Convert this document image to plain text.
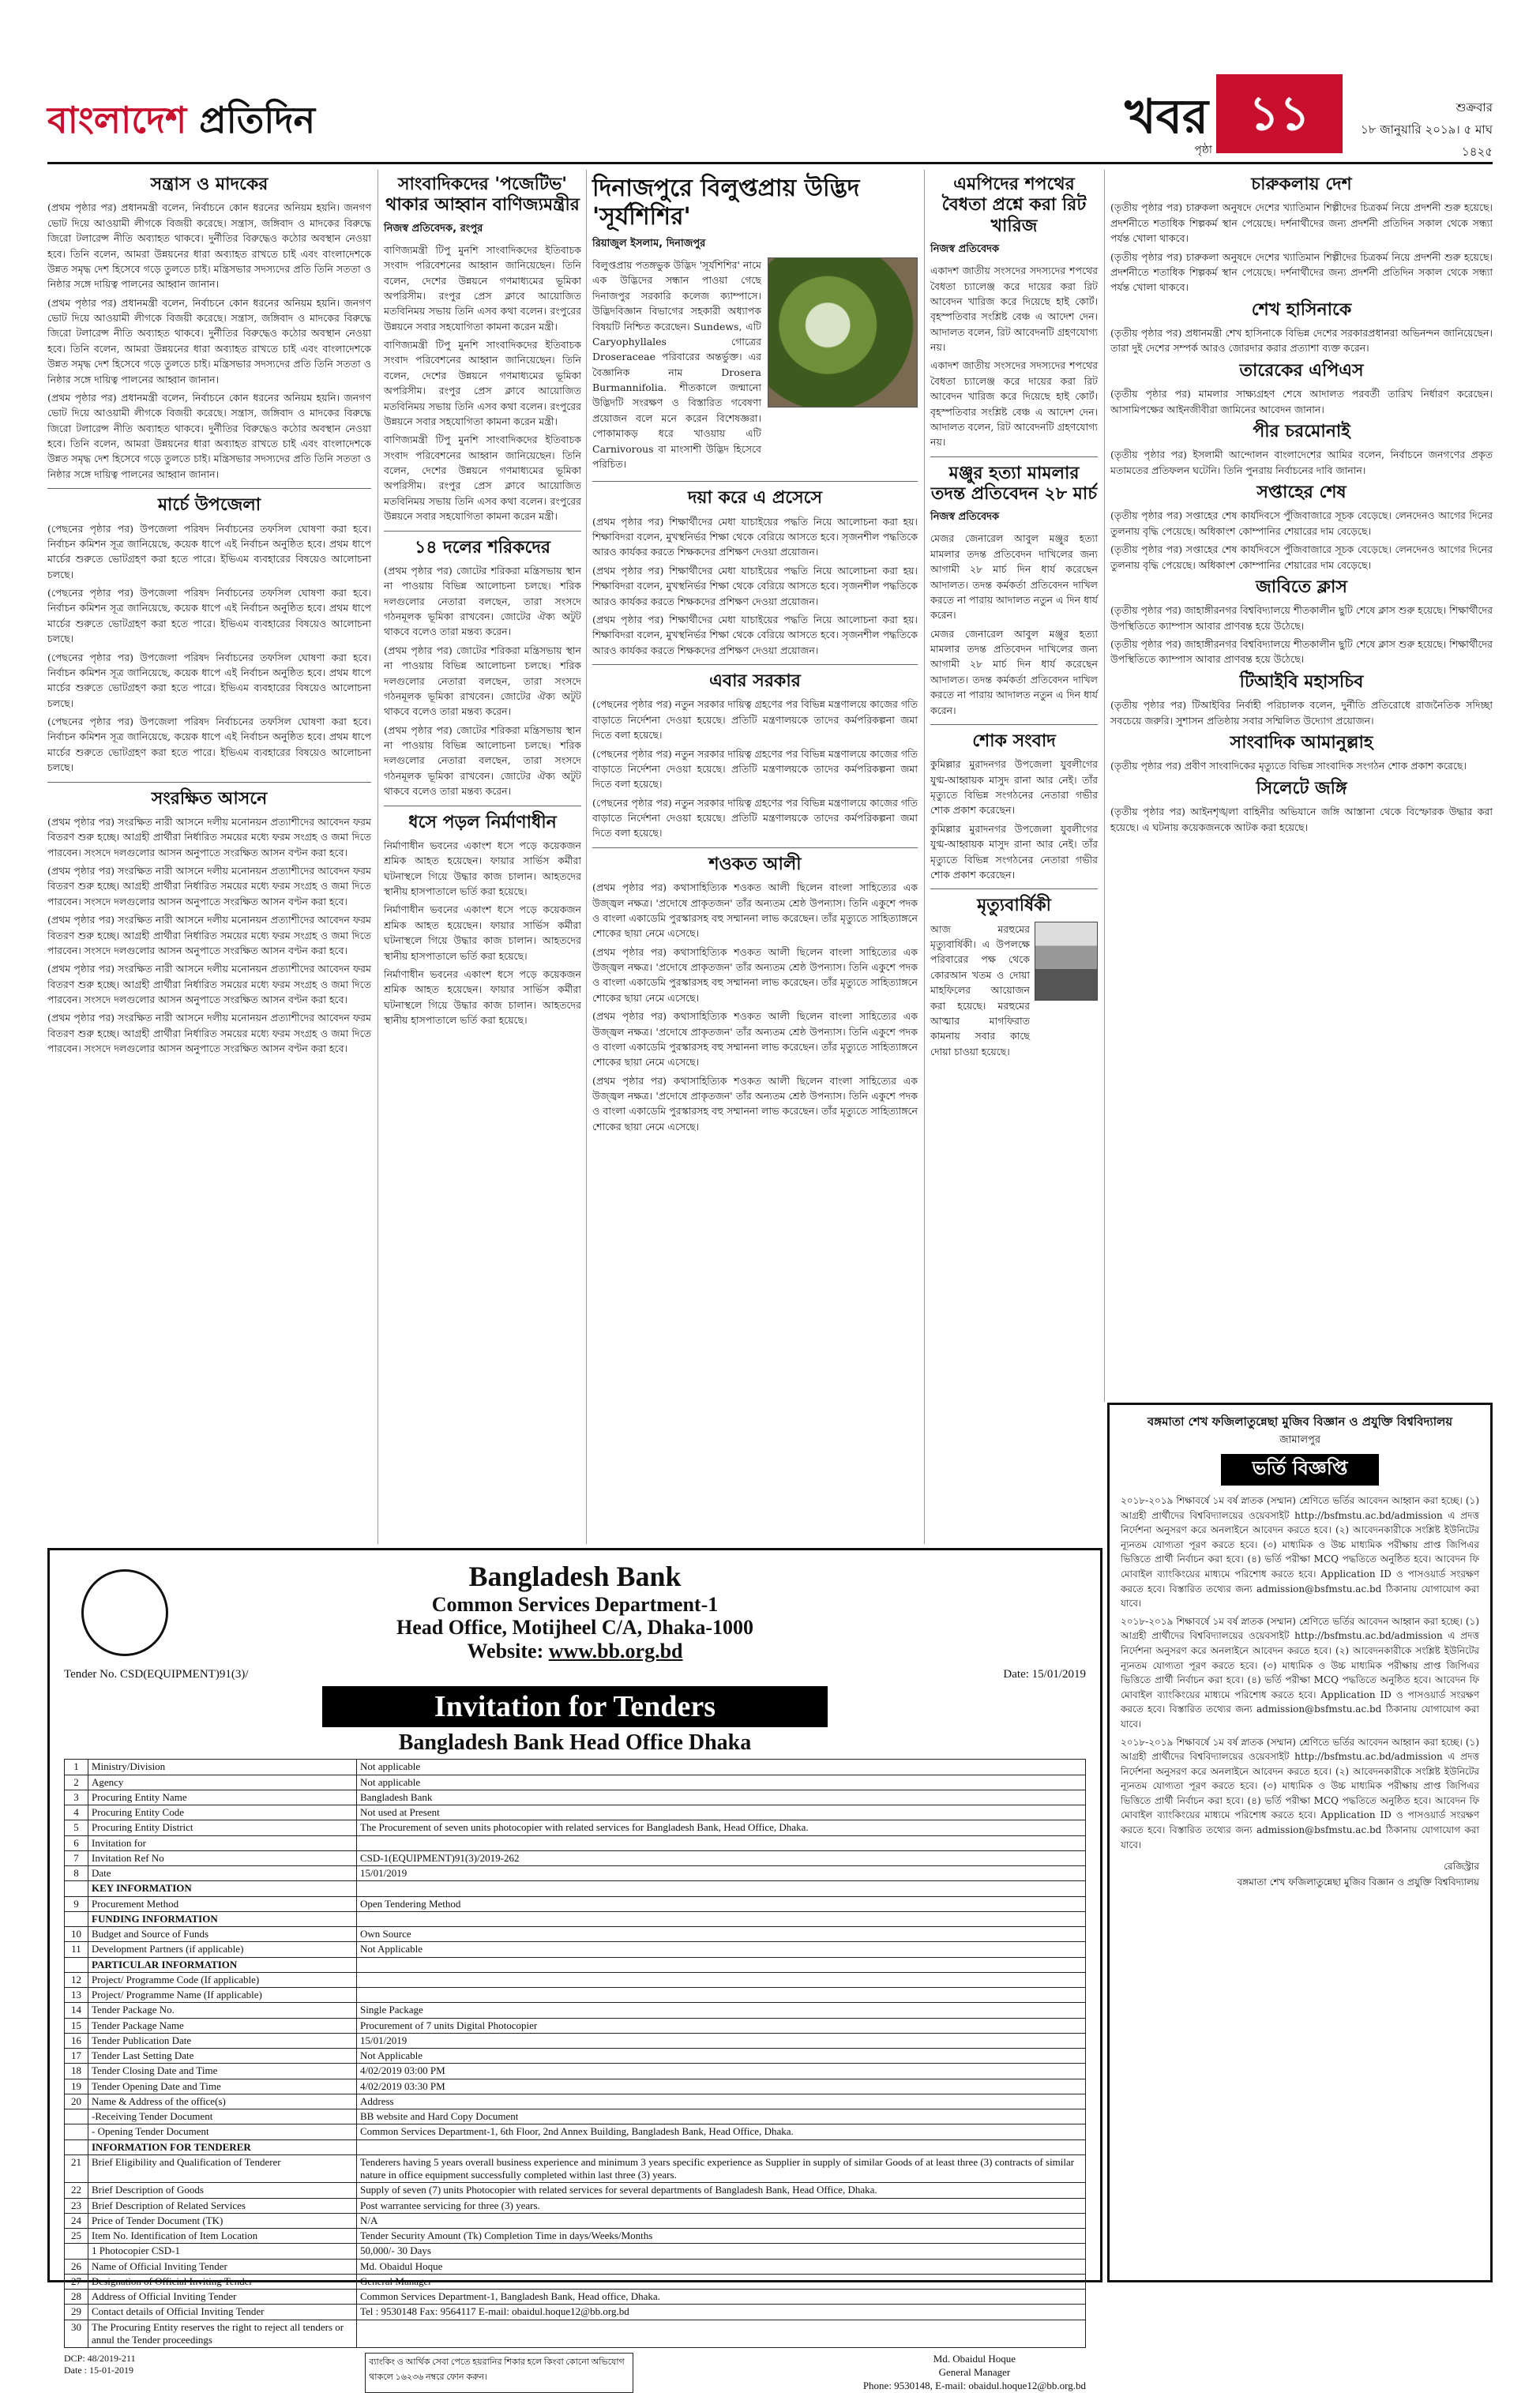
বাংলাদেশ প্রতিদিন	খবর ১১
পৃষ্ঠা
শুক্রবার
১৮ জানুয়ারি ২০১৯। ৫ মাঘ ১৪২৫
সন্ত্রাস ও মাদকের

(প্রথম পৃষ্ঠার পর) প্রধানমন্ত্রী বলেন, নির্বাচনে কোন ধরনের অনিয়ম হয়নি। জনগণ ভোট দিয়ে আওয়ামী লীগকে বিজয়ী করেছে। সন্ত্রাস, জঙ্গিবাদ ও মাদকের বিরুদ্ধে জিরো টলারেন্স নীতি অব্যাহত থাকবে। দুর্নীতির বিরুদ্ধেও কঠোর অবস্থান নেওয়া হবে। তিনি বলেন, আমরা উন্নয়নের ধারা অব্যাহত রাখতে চাই এবং বাংলাদেশকে উন্নত সমৃদ্ধ দেশ হিসেবে গড়ে তুলতে চাই। মন্ত্রিসভার সদস্যদের প্রতি তিনি সততা ও নিষ্ঠার সঙ্গে দায়িত্ব পালনের আহ্বান জানান।

(প্রথম পৃষ্ঠার পর) প্রধানমন্ত্রী বলেন, নির্বাচনে কোন ধরনের অনিয়ম হয়নি। জনগণ ভোট দিয়ে আওয়ামী লীগকে বিজয়ী করেছে। সন্ত্রাস, জঙ্গিবাদ ও মাদকের বিরুদ্ধে জিরো টলারেন্স নীতি অব্যাহত থাকবে। দুর্নীতির বিরুদ্ধেও কঠোর অবস্থান নেওয়া হবে। তিনি বলেন, আমরা উন্নয়নের ধারা অব্যাহত রাখতে চাই এবং বাংলাদেশকে উন্নত সমৃদ্ধ দেশ হিসেবে গড়ে তুলতে চাই। মন্ত্রিসভার সদস্যদের প্রতি তিনি সততা ও নিষ্ঠার সঙ্গে দায়িত্ব পালনের আহ্বান জানান।

(প্রথম পৃষ্ঠার পর) প্রধানমন্ত্রী বলেন, নির্বাচনে কোন ধরনের অনিয়ম হয়নি। জনগণ ভোট দিয়ে আওয়ামী লীগকে বিজয়ী করেছে। সন্ত্রাস, জঙ্গিবাদ ও মাদকের বিরুদ্ধে জিরো টলারেন্স নীতি অব্যাহত থাকবে। দুর্নীতির বিরুদ্ধেও কঠোর অবস্থান নেওয়া হবে। তিনি বলেন, আমরা উন্নয়নের ধারা অব্যাহত রাখতে চাই এবং বাংলাদেশকে উন্নত সমৃদ্ধ দেশ হিসেবে গড়ে তুলতে চাই। মন্ত্রিসভার সদস্যদের প্রতি তিনি সততা ও নিষ্ঠার সঙ্গে দায়িত্ব পালনের আহ্বান জানান।

মার্চে উপজেলা

(পেছনের পৃষ্ঠার পর) উপজেলা পরিষদ নির্বাচনের তফসিল ঘোষণা করা হবে। নির্বাচন কমিশন সূত্র জানিয়েছে, কয়েক ধাপে এই নির্বাচন অনুষ্ঠিত হবে। প্রথম ধাপে মার্চের শুরুতে ভোটগ্রহণ করা হতে পারে। ইভিএম ব্যবহারের বিষয়েও আলোচনা চলছে।

(পেছনের পৃষ্ঠার পর) উপজেলা পরিষদ নির্বাচনের তফসিল ঘোষণা করা হবে। নির্বাচন কমিশন সূত্র জানিয়েছে, কয়েক ধাপে এই নির্বাচন অনুষ্ঠিত হবে। প্রথম ধাপে মার্চের শুরুতে ভোটগ্রহণ করা হতে পারে। ইভিএম ব্যবহারের বিষয়েও আলোচনা চলছে।

(পেছনের পৃষ্ঠার পর) উপজেলা পরিষদ নির্বাচনের তফসিল ঘোষণা করা হবে। নির্বাচন কমিশন সূত্র জানিয়েছে, কয়েক ধাপে এই নির্বাচন অনুষ্ঠিত হবে। প্রথম ধাপে মার্চের শুরুতে ভোটগ্রহণ করা হতে পারে। ইভিএম ব্যবহারের বিষয়েও আলোচনা চলছে।

(পেছনের পৃষ্ঠার পর) উপজেলা পরিষদ নির্বাচনের তফসিল ঘোষণা করা হবে। নির্বাচন কমিশন সূত্র জানিয়েছে, কয়েক ধাপে এই নির্বাচন অনুষ্ঠিত হবে। প্রথম ধাপে মার্চের শুরুতে ভোটগ্রহণ করা হতে পারে। ইভিএম ব্যবহারের বিষয়েও আলোচনা চলছে।

সংরক্ষিত আসনে

(প্রথম পৃষ্ঠার পর) সংরক্ষিত নারী আসনে দলীয় মনোনয়ন প্রত্যাশীদের আবেদন ফরম বিতরণ শুরু হচ্ছে। আগ্রহী প্রার্থীরা নির্ধারিত সময়ের মধ্যে ফরম সংগ্রহ ও জমা দিতে পারবেন। সংসদে দলগুলোর আসন অনুপাতে সংরক্ষিত আসন বণ্টন করা হবে।

(প্রথম পৃষ্ঠার পর) সংরক্ষিত নারী আসনে দলীয় মনোনয়ন প্রত্যাশীদের আবেদন ফরম বিতরণ শুরু হচ্ছে। আগ্রহী প্রার্থীরা নির্ধারিত সময়ের মধ্যে ফরম সংগ্রহ ও জমা দিতে পারবেন। সংসদে দলগুলোর আসন অনুপাতে সংরক্ষিত আসন বণ্টন করা হবে।

(প্রথম পৃষ্ঠার পর) সংরক্ষিত নারী আসনে দলীয় মনোনয়ন প্রত্যাশীদের আবেদন ফরম বিতরণ শুরু হচ্ছে। আগ্রহী প্রার্থীরা নির্ধারিত সময়ের মধ্যে ফরম সংগ্রহ ও জমা দিতে পারবেন। সংসদে দলগুলোর আসন অনুপাতে সংরক্ষিত আসন বণ্টন করা হবে।

(প্রথম পৃষ্ঠার পর) সংরক্ষিত নারী আসনে দলীয় মনোনয়ন প্রত্যাশীদের আবেদন ফরম বিতরণ শুরু হচ্ছে। আগ্রহী প্রার্থীরা নির্ধারিত সময়ের মধ্যে ফরম সংগ্রহ ও জমা দিতে পারবেন। সংসদে দলগুলোর আসন অনুপাতে সংরক্ষিত আসন বণ্টন করা হবে।

(প্রথম পৃষ্ঠার পর) সংরক্ষিত নারী আসনে দলীয় মনোনয়ন প্রত্যাশীদের আবেদন ফরম বিতরণ শুরু হচ্ছে। আগ্রহী প্রার্থীরা নির্ধারিত সময়ের মধ্যে ফরম সংগ্রহ ও জমা দিতে পারবেন। সংসদে দলগুলোর আসন অনুপাতে সংরক্ষিত আসন বণ্টন করা হবে।

সাংবাদিকদের 'পজেটিভ' থাকার আহ্বান বাণিজ্যমন্ত্রীর
নিজস্ব প্রতিবেদক, রংপুর

বাণিজ্যমন্ত্রী টিপু মুনশি সাংবাদিকদের ইতিবাচক সংবাদ পরিবেশনের আহ্বান জানিয়েছেন। তিনি বলেন, দেশের উন্নয়নে গণমাধ্যমের ভূমিকা অপরিসীম। রংপুর প্রেস ক্লাবে আয়োজিত মতবিনিময় সভায় তিনি এসব কথা বলেন। রংপুরের উন্নয়নে সবার সহযোগিতা কামনা করেন মন্ত্রী।

বাণিজ্যমন্ত্রী টিপু মুনশি সাংবাদিকদের ইতিবাচক সংবাদ পরিবেশনের আহ্বান জানিয়েছেন। তিনি বলেন, দেশের উন্নয়নে গণমাধ্যমের ভূমিকা অপরিসীম। রংপুর প্রেস ক্লাবে আয়োজিত মতবিনিময় সভায় তিনি এসব কথা বলেন। রংপুরের উন্নয়নে সবার সহযোগিতা কামনা করেন মন্ত্রী।

বাণিজ্যমন্ত্রী টিপু মুনশি সাংবাদিকদের ইতিবাচক সংবাদ পরিবেশনের আহ্বান জানিয়েছেন। তিনি বলেন, দেশের উন্নয়নে গণমাধ্যমের ভূমিকা অপরিসীম। রংপুর প্রেস ক্লাবে আয়োজিত মতবিনিময় সভায় তিনি এসব কথা বলেন। রংপুরের উন্নয়নে সবার সহযোগিতা কামনা করেন মন্ত্রী।

১৪ দলের শরিকদের

(প্রথম পৃষ্ঠার পর) জোটের শরিকরা মন্ত্রিসভায় স্থান না পাওয়ায় বিভিন্ন আলোচনা চলছে। শরিক দলগুলোর নেতারা বলছেন, তারা সংসদে গঠনমূলক ভূমিকা রাখবেন। জোটের ঐক্য অটুট থাকবে বলেও তারা মন্তব্য করেন।

(প্রথম পৃষ্ঠার পর) জোটের শরিকরা মন্ত্রিসভায় স্থান না পাওয়ায় বিভিন্ন আলোচনা চলছে। শরিক দলগুলোর নেতারা বলছেন, তারা সংসদে গঠনমূলক ভূমিকা রাখবেন। জোটের ঐক্য অটুট থাকবে বলেও তারা মন্তব্য করেন।

(প্রথম পৃষ্ঠার পর) জোটের শরিকরা মন্ত্রিসভায় স্থান না পাওয়ায় বিভিন্ন আলোচনা চলছে। শরিক দলগুলোর নেতারা বলছেন, তারা সংসদে গঠনমূলক ভূমিকা রাখবেন। জোটের ঐক্য অটুট থাকবে বলেও তারা মন্তব্য করেন।

ধসে পড়ল নির্মাণাধীন

নির্মাণাধীন ভবনের একাংশ ধসে পড়ে কয়েকজন শ্রমিক আহত হয়েছেন। ফায়ার সার্ভিস কর্মীরা ঘটনাস্থলে গিয়ে উদ্ধার কাজ চালান। আহতদের স্থানীয় হাসপাতালে ভর্তি করা হয়েছে।

নির্মাণাধীন ভবনের একাংশ ধসে পড়ে কয়েকজন শ্রমিক আহত হয়েছেন। ফায়ার সার্ভিস কর্মীরা ঘটনাস্থলে গিয়ে উদ্ধার কাজ চালান। আহতদের স্থানীয় হাসপাতালে ভর্তি করা হয়েছে।

নির্মাণাধীন ভবনের একাংশ ধসে পড়ে কয়েকজন শ্রমিক আহত হয়েছেন। ফায়ার সার্ভিস কর্মীরা ঘটনাস্থলে গিয়ে উদ্ধার কাজ চালান। আহতদের স্থানীয় হাসপাতালে ভর্তি করা হয়েছে।

দিনাজপুরে বিলুপ্তপ্রায় উদ্ভিদ 'সূর্যশিশির'
রিয়াজুল ইসলাম, দিনাজপুর

বিলুপ্তপ্রায় পতঙ্গভুক উদ্ভিদ 'সূর্যশিশির' নামে এক উদ্ভিদের সন্ধান পাওয়া গেছে দিনাজপুর সরকারি কলেজ ক্যাম্পাসে। উদ্ভিদবিজ্ঞান বিভাগের সহকারী অধ্যাপক বিষয়টি নিশ্চিত করেছেন। Sundews, এটি Caryophyllales গোত্রের Droseraceae পরিবারের অন্তর্ভুক্ত। এর বৈজ্ঞানিক নাম Drosera Burmannifolia. শীতকালে জন্মানো উদ্ভিদটি সংরক্ষণ ও বিস্তারিত গবেষণা প্রয়োজন বলে মনে করেন বিশেষজ্ঞরা। পোকামাকড় ধরে খাওয়ায় এটি Carnivorous বা মাংসাশী উদ্ভিদ হিসেবে পরিচিত।

দয়া করে এ প্রসেসে

(প্রথম পৃষ্ঠার পর) শিক্ষার্থীদের মেধা যাচাইয়ের পদ্ধতি নিয়ে আলোচনা করা হয়। শিক্ষাবিদরা বলেন, মুখস্থনির্ভর শিক্ষা থেকে বেরিয়ে আসতে হবে। সৃজনশীল পদ্ধতিকে আরও কার্যকর করতে শিক্ষকদের প্রশিক্ষণ দেওয়া প্রয়োজন।

(প্রথম পৃষ্ঠার পর) শিক্ষার্থীদের মেধা যাচাইয়ের পদ্ধতি নিয়ে আলোচনা করা হয়। শিক্ষাবিদরা বলেন, মুখস্থনির্ভর শিক্ষা থেকে বেরিয়ে আসতে হবে। সৃজনশীল পদ্ধতিকে আরও কার্যকর করতে শিক্ষকদের প্রশিক্ষণ দেওয়া প্রয়োজন।

(প্রথম পৃষ্ঠার পর) শিক্ষার্থীদের মেধা যাচাইয়ের পদ্ধতি নিয়ে আলোচনা করা হয়। শিক্ষাবিদরা বলেন, মুখস্থনির্ভর শিক্ষা থেকে বেরিয়ে আসতে হবে। সৃজনশীল পদ্ধতিকে আরও কার্যকর করতে শিক্ষকদের প্রশিক্ষণ দেওয়া প্রয়োজন।

এবার সরকার

(পেছনের পৃষ্ঠার পর) নতুন সরকার দায়িত্ব গ্রহণের পর বিভিন্ন মন্ত্রণালয়ে কাজের গতি বাড়াতে নির্দেশনা দেওয়া হয়েছে। প্রতিটি মন্ত্রণালয়কে তাদের কর্মপরিকল্পনা জমা দিতে বলা হয়েছে।

(পেছনের পৃষ্ঠার পর) নতুন সরকার দায়িত্ব গ্রহণের পর বিভিন্ন মন্ত্রণালয়ে কাজের গতি বাড়াতে নির্দেশনা দেওয়া হয়েছে। প্রতিটি মন্ত্রণালয়কে তাদের কর্মপরিকল্পনা জমা দিতে বলা হয়েছে।

(পেছনের পৃষ্ঠার পর) নতুন সরকার দায়িত্ব গ্রহণের পর বিভিন্ন মন্ত্রণালয়ে কাজের গতি বাড়াতে নির্দেশনা দেওয়া হয়েছে। প্রতিটি মন্ত্রণালয়কে তাদের কর্মপরিকল্পনা জমা দিতে বলা হয়েছে।

শওকত আলী

(প্রথম পৃষ্ঠার পর) কথাসাহিত্যিক শওকত আলী ছিলেন বাংলা সাহিত্যের এক উজ্জ্বল নক্ষত্র। 'প্রদোষে প্রাকৃতজন' তাঁর অন্যতম শ্রেষ্ঠ উপন্যাস। তিনি একুশে পদক ও বাংলা একাডেমি পুরস্কারসহ বহু সম্মাননা লাভ করেছেন। তাঁর মৃত্যুতে সাহিত্যাঙ্গনে শোকের ছায়া নেমে এসেছে।

(প্রথম পৃষ্ঠার পর) কথাসাহিত্যিক শওকত আলী ছিলেন বাংলা সাহিত্যের এক উজ্জ্বল নক্ষত্র। 'প্রদোষে প্রাকৃতজন' তাঁর অন্যতম শ্রেষ্ঠ উপন্যাস। তিনি একুশে পদক ও বাংলা একাডেমি পুরস্কারসহ বহু সম্মাননা লাভ করেছেন। তাঁর মৃত্যুতে সাহিত্যাঙ্গনে শোকের ছায়া নেমে এসেছে।

(প্রথম পৃষ্ঠার পর) কথাসাহিত্যিক শওকত আলী ছিলেন বাংলা সাহিত্যের এক উজ্জ্বল নক্ষত্র। 'প্রদোষে প্রাকৃতজন' তাঁর অন্যতম শ্রেষ্ঠ উপন্যাস। তিনি একুশে পদক ও বাংলা একাডেমি পুরস্কারসহ বহু সম্মাননা লাভ করেছেন। তাঁর মৃত্যুতে সাহিত্যাঙ্গনে শোকের ছায়া নেমে এসেছে।

(প্রথম পৃষ্ঠার পর) কথাসাহিত্যিক শওকত আলী ছিলেন বাংলা সাহিত্যের এক উজ্জ্বল নক্ষত্র। 'প্রদোষে প্রাকৃতজন' তাঁর অন্যতম শ্রেষ্ঠ উপন্যাস। তিনি একুশে পদক ও বাংলা একাডেমি পুরস্কারসহ বহু সম্মাননা লাভ করেছেন। তাঁর মৃত্যুতে সাহিত্যাঙ্গনে শোকের ছায়া নেমে এসেছে।

এমপিদের শপথের বৈধতা প্রশ্নে করা রিট খারিজ
নিজস্ব প্রতিবেদক

একাদশ জাতীয় সংসদের সদস্যদের শপথের বৈধতা চ্যালেঞ্জ করে দায়ের করা রিট আবেদন খারিজ করে দিয়েছে হাই কোর্ট। বৃহস্পতিবার সংশ্লিষ্ট বেঞ্চ এ আদেশ দেন। আদালত বলেন, রিট আবেদনটি গ্রহণযোগ্য নয়।

একাদশ জাতীয় সংসদের সদস্যদের শপথের বৈধতা চ্যালেঞ্জ করে দায়ের করা রিট আবেদন খারিজ করে দিয়েছে হাই কোর্ট। বৃহস্পতিবার সংশ্লিষ্ট বেঞ্চ এ আদেশ দেন। আদালত বলেন, রিট আবেদনটি গ্রহণযোগ্য নয়।

মঞ্জুর হত্যা মামলার তদন্ত প্রতিবেদন ২৮ মার্চ
নিজস্ব প্রতিবেদক

মেজর জেনারেল আবুল মঞ্জুর হত্যা মামলার তদন্ত প্রতিবেদন দাখিলের জন্য আগামী ২৮ মার্চ দিন ধার্য করেছেন আদালত। তদন্ত কর্মকর্তা প্রতিবেদন দাখিল করতে না পারায় আদালত নতুন এ দিন ধার্য করেন।

মেজর জেনারেল আবুল মঞ্জুর হত্যা মামলার তদন্ত প্রতিবেদন দাখিলের জন্য আগামী ২৮ মার্চ দিন ধার্য করেছেন আদালত। তদন্ত কর্মকর্তা প্রতিবেদন দাখিল করতে না পারায় আদালত নতুন এ দিন ধার্য করেন।

শোক সংবাদ

কুমিল্লার মুরাদনগর উপজেলা যুবলীগের যুগ্ম-আহ্বায়ক মাসুদ রানা আর নেই। তাঁর মৃত্যুতে বিভিন্ন সংগঠনের নেতারা গভীর শোক প্রকাশ করেছেন।

কুমিল্লার মুরাদনগর উপজেলা যুবলীগের যুগ্ম-আহ্বায়ক মাসুদ রানা আর নেই। তাঁর মৃত্যুতে বিভিন্ন সংগঠনের নেতারা গভীর শোক প্রকাশ করেছেন।

মৃত্যুবার্ষিকী

আজ মরহুমের মৃত্যুবার্ষিকী। এ উপলক্ষে পরিবারের পক্ষ থেকে কোরআন খতম ও দোয়া মাহফিলের আয়োজন করা হয়েছে। মরহুমের আত্মার মাগফিরাত কামনায় সবার কাছে দোয়া চাওয়া হয়েছে।

চারুকলায় দেশ

(তৃতীয় পৃষ্ঠার পর) চারুকলা অনুষদে দেশের খ্যাতিমান শিল্পীদের চিত্রকর্ম নিয়ে প্রদর্শনী শুরু হয়েছে। প্রদর্শনীতে শতাধিক শিল্পকর্ম স্থান পেয়েছে। দর্শনার্থীদের জন্য প্রদর্শনী প্রতিদিন সকাল থেকে সন্ধ্যা পর্যন্ত খোলা থাকবে।

(তৃতীয় পৃষ্ঠার পর) চারুকলা অনুষদে দেশের খ্যাতিমান শিল্পীদের চিত্রকর্ম নিয়ে প্রদর্শনী শুরু হয়েছে। প্রদর্শনীতে শতাধিক শিল্পকর্ম স্থান পেয়েছে। দর্শনার্থীদের জন্য প্রদর্শনী প্রতিদিন সকাল থেকে সন্ধ্যা পর্যন্ত খোলা থাকবে।

শেখ হাসিনাকে

(তৃতীয় পৃষ্ঠার পর) প্রধানমন্ত্রী শেখ হাসিনাকে বিভিন্ন দেশের সরকারপ্রধানরা অভিনন্দন জানিয়েছেন। তারা দুই দেশের সম্পর্ক আরও জোরদার করার প্রত্যাশা ব্যক্ত করেন।

তারেকের এপিএস

(তৃতীয় পৃষ্ঠার পর) মামলার সাক্ষ্যগ্রহণ শেষে আদালত পরবর্তী তারিখ নির্ধারণ করেছেন। আসামিপক্ষের আইনজীবীরা জামিনের আবেদন জানান।

পীর চরমোনাই

(তৃতীয় পৃষ্ঠার পর) ইসলামী আন্দোলন বাংলাদেশের আমির বলেন, নির্বাচনে জনগণের প্রকৃত মতামতের প্রতিফলন ঘটেনি। তিনি পুনরায় নির্বাচনের দাবি জানান।

সপ্তাহের শেষ

(তৃতীয় পৃষ্ঠার পর) সপ্তাহের শেষ কার্যদিবসে পুঁজিবাজারে সূচক বেড়েছে। লেনদেনও আগের দিনের তুলনায় বৃদ্ধি পেয়েছে। অধিকাংশ কোম্পানির শেয়ারের দাম বেড়েছে।

(তৃতীয় পৃষ্ঠার পর) সপ্তাহের শেষ কার্যদিবসে পুঁজিবাজারে সূচক বেড়েছে। লেনদেনও আগের দিনের তুলনায় বৃদ্ধি পেয়েছে। অধিকাংশ কোম্পানির শেয়ারের দাম বেড়েছে।

জাবিতে ক্লাস

(তৃতীয় পৃষ্ঠার পর) জাহাঙ্গীরনগর বিশ্ববিদ্যালয়ে শীতকালীন ছুটি শেষে ক্লাস শুরু হয়েছে। শিক্ষার্থীদের উপস্থিতিতে ক্যাম্পাস আবার প্রাণবন্ত হয়ে উঠেছে।

(তৃতীয় পৃষ্ঠার পর) জাহাঙ্গীরনগর বিশ্ববিদ্যালয়ে শীতকালীন ছুটি শেষে ক্লাস শুরু হয়েছে। শিক্ষার্থীদের উপস্থিতিতে ক্যাম্পাস আবার প্রাণবন্ত হয়ে উঠেছে।

টিআইবি মহাসচিব

(তৃতীয় পৃষ্ঠার পর) টিআইবির নির্বাহী পরিচালক বলেন, দুর্নীতি প্রতিরোধে রাজনৈতিক সদিচ্ছা সবচেয়ে জরুরি। সুশাসন প্রতিষ্ঠায় সবার সম্মিলিত উদ্যোগ প্রয়োজন।

সাংবাদিক আমানুল্লাহ

(তৃতীয় পৃষ্ঠার পর) প্রবীণ সাংবাদিকের মৃত্যুতে বিভিন্ন সাংবাদিক সংগঠন শোক প্রকাশ করেছে।

সিলেটে জঙ্গি

(তৃতীয় পৃষ্ঠার পর) আইনশৃঙ্খলা বাহিনীর অভিযানে জঙ্গি আস্তানা থেকে বিস্ফোরক উদ্ধার করা হয়েছে। এ ঘটনায় কয়েকজনকে আটক করা হয়েছে।

Bangladesh Bank
Common Services Department-1
Head Office, Motijheel C/A, Dhaka-1000
Website: www.bb.org.bd
Tender No. CSD(EQUIPMENT)91(3)/	Date: 15/01/2019
Invitation for Tenders
Bangladesh Bank Head Office Dhaka
1	Ministry/Division	Not applicable
2	Agency	Not applicable
3	Procuring Entity Name	Bangladesh Bank
4	Procuring Entity Code	Not used at Present
5	Procuring Entity District	The Procurement of seven units photocopier with related services for Bangladesh Bank, Head Office, Dhaka.
6	Invitation for	
7	Invitation Ref No	CSD-1(EQUIPMENT)91(3)/2019-262
8	Date	15/01/2019
	KEY INFORMATION	
9	Procurement Method	Open Tendering Method
	FUNDING INFORMATION	
10	Budget and Source of Funds	Own Source
11	Development Partners (if applicable)	Not Applicable
	PARTICULAR INFORMATION	
12	Project/ Programme Code (If applicable)	
13	Project/ Programme Name (If applicable)	
14	Tender Package No.	Single Package
15	Tender Package Name	Procurement of 7 units Digital Photocopier
16	Tender Publication Date	15/01/2019
17	Tender Last Setting Date	Not Applicable
18	Tender Closing Date and Time	4/02/2019 03:00 PM
19	Tender Opening Date and Time	4/02/2019 03:30 PM
20	Name & Address of the office(s)	Address
	-Receiving Tender Document	BB website and Hard Copy Document
	- Opening Tender Document	Common Services Department-1, 6th Floor, 2nd Annex Building, Bangladesh Bank, Head Office, Dhaka.
	INFORMATION FOR TENDERER	
21	Brief Eligibility and Qualification of Tenderer	Tenderers having 5 years overall business experience and minimum 3 years specific experience as Supplier in supply of similar Goods of at least three (3) contracts of similar nature in office equipment successfully completed within last three (3) years.
22	Brief Description of Goods	Supply of seven (7) units Photocopier with related services for several departments of Bangladesh Bank, Head Office, Dhaka.
23	Brief Description of Related Services	Post warrantee servicing for three (3) years.
24	Price of Tender Document (TK)	N/A
25	Item No. Identification of Item Location	Tender Security Amount (Tk) Completion Time in days/Weeks/Months
	1 Photocopier CSD-1	50,000/- 30 Days
26	Name of Official Inviting Tender	Md. Obaidul Hoque
27	Designation of Official Inviting Tender	General Manager
28	Address of Official Inviting Tender	Common Services Department-1, Bangladesh Bank, Head office, Dhaka.
29	Contact details of Official Inviting Tender	Tel : 9530148 Fax: 9564117 E-mail: obaidul.hoque12@bb.org.bd
30	The Procuring Entity reserves the right to reject all tenders or annul the Tender proceedings	
DCP: 48/2019-211
Date : 15-01-2019
ব্যাংকিং ও আর্থিক সেবা পেতে হয়রানির শিকার হলে কিংবা কোনো অভিযোগ থাকলে ১৬২৩৬ নম্বরে ফোন করুন।
Md. Obaidul Hoque
General Manager
Phone: 9530148, E-mail: obaidul.hoque12@bb.org.bd
বঙ্গমাতা শেখ ফজিলাতুন্নেছা মুজিব বিজ্ঞান ও প্রযুক্তি বিশ্ববিদ্যালয়
জামালপুর
ভর্তি বিজ্ঞপ্তি

২০১৮-২০১৯ শিক্ষাবর্ষে ১ম বর্ষ স্নাতক (সম্মান) শ্রেণিতে ভর্তির আবেদন আহ্বান করা হচ্ছে। (১) আগ্রহী প্রার্থীদের বিশ্ববিদ্যালয়ের ওয়েবসাইট http://bsfmstu.ac.bd/admission এ প্রদত্ত নির্দেশনা অনুসরণ করে অনলাইনে আবেদন করতে হবে। (২) আবেদনকারীকে সংশ্লিষ্ট ইউনিটের ন্যূনতম যোগ্যতা পূরণ করতে হবে। (৩) মাধ্যমিক ও উচ্চ মাধ্যমিক পরীক্ষায় প্রাপ্ত জিপিএর ভিত্তিতে প্রার্থী নির্বাচন করা হবে। (৪) ভর্তি পরীক্ষা MCQ পদ্ধতিতে অনুষ্ঠিত হবে। আবেদন ফি মোবাইল ব্যাংকিংয়ের মাধ্যমে পরিশোধ করতে হবে। Application ID ও পাসওয়ার্ড সংরক্ষণ করতে হবে। বিস্তারিত তথ্যের জন্য admission@bsfmstu.ac.bd ঠিকানায় যোগাযোগ করা যাবে।

২০১৮-২০১৯ শিক্ষাবর্ষে ১ম বর্ষ স্নাতক (সম্মান) শ্রেণিতে ভর্তির আবেদন আহ্বান করা হচ্ছে। (১) আগ্রহী প্রার্থীদের বিশ্ববিদ্যালয়ের ওয়েবসাইট http://bsfmstu.ac.bd/admission এ প্রদত্ত নির্দেশনা অনুসরণ করে অনলাইনে আবেদন করতে হবে। (২) আবেদনকারীকে সংশ্লিষ্ট ইউনিটের ন্যূনতম যোগ্যতা পূরণ করতে হবে। (৩) মাধ্যমিক ও উচ্চ মাধ্যমিক পরীক্ষায় প্রাপ্ত জিপিএর ভিত্তিতে প্রার্থী নির্বাচন করা হবে। (৪) ভর্তি পরীক্ষা MCQ পদ্ধতিতে অনুষ্ঠিত হবে। আবেদন ফি মোবাইল ব্যাংকিংয়ের মাধ্যমে পরিশোধ করতে হবে। Application ID ও পাসওয়ার্ড সংরক্ষণ করতে হবে। বিস্তারিত তথ্যের জন্য admission@bsfmstu.ac.bd ঠিকানায় যোগাযোগ করা যাবে।

২০১৮-২০১৯ শিক্ষাবর্ষে ১ম বর্ষ স্নাতক (সম্মান) শ্রেণিতে ভর্তির আবেদন আহ্বান করা হচ্ছে। (১) আগ্রহী প্রার্থীদের বিশ্ববিদ্যালয়ের ওয়েবসাইট http://bsfmstu.ac.bd/admission এ প্রদত্ত নির্দেশনা অনুসরণ করে অনলাইনে আবেদন করতে হবে। (২) আবেদনকারীকে সংশ্লিষ্ট ইউনিটের ন্যূনতম যোগ্যতা পূরণ করতে হবে। (৩) মাধ্যমিক ও উচ্চ মাধ্যমিক পরীক্ষায় প্রাপ্ত জিপিএর ভিত্তিতে প্রার্থী নির্বাচন করা হবে। (৪) ভর্তি পরীক্ষা MCQ পদ্ধতিতে অনুষ্ঠিত হবে। আবেদন ফি মোবাইল ব্যাংকিংয়ের মাধ্যমে পরিশোধ করতে হবে। Application ID ও পাসওয়ার্ড সংরক্ষণ করতে হবে। বিস্তারিত তথ্যের জন্য admission@bsfmstu.ac.bd ঠিকানায় যোগাযোগ করা যাবে।

রেজিস্ট্রার
বঙ্গমাতা শেখ ফজিলাতুন্নেছা মুজিব বিজ্ঞান ও প্রযুক্তি বিশ্ববিদ্যালয়
